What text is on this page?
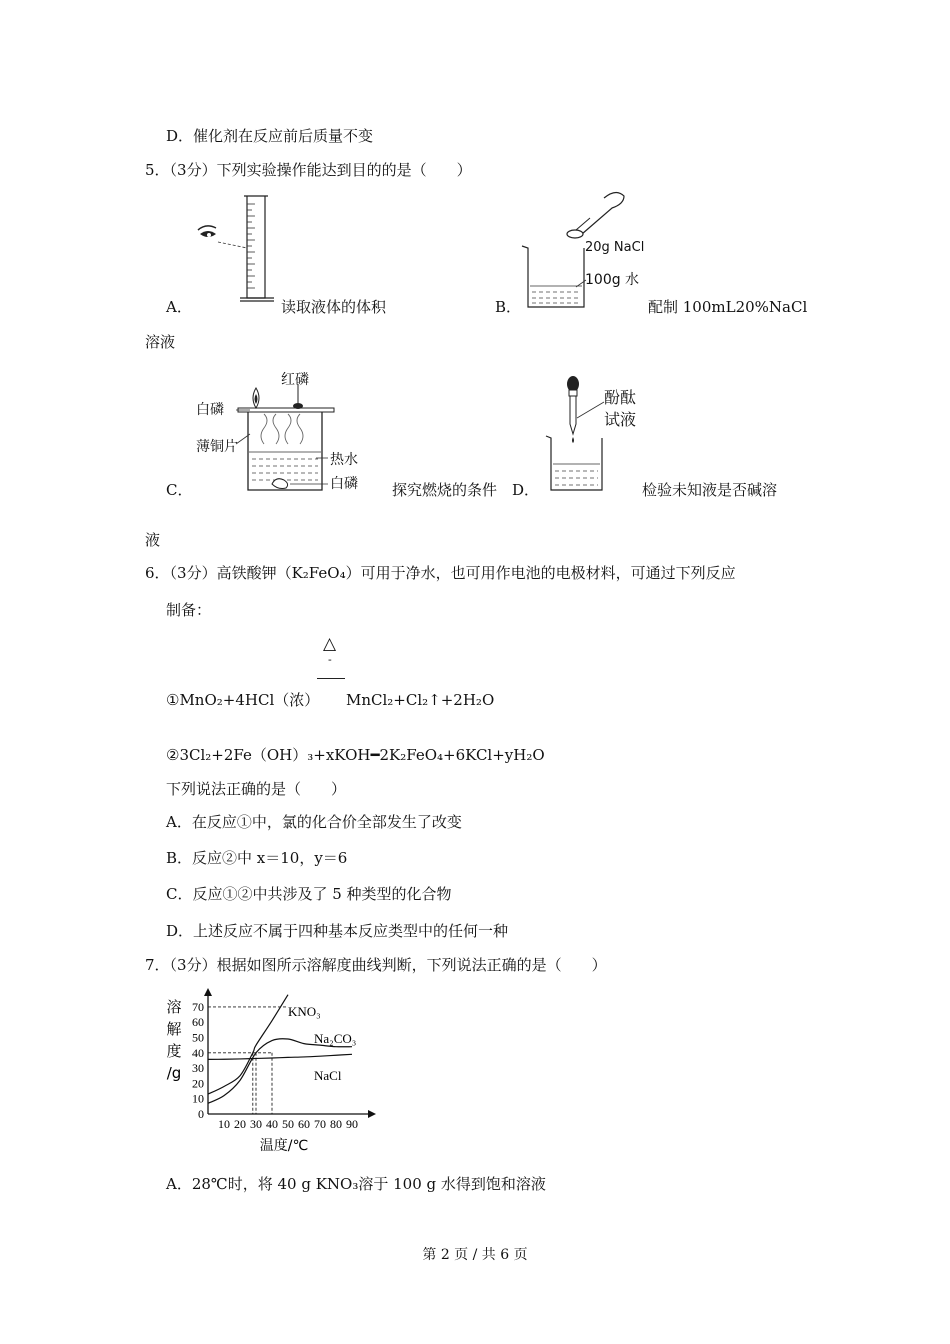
D．催化剂在反应前后质量不变
5．（3分）下列实验操作能达到目的的是（　　）
A．	读取液体的体积
20g NaCl
100g 水
B．	配制 100mL20%NaCl
溶液
红磷
白磷
薄铜片
热水
白磷
C．	探究燃烧的条件
酚酞
试液
D．	检验未知液是否碱溶
液
6．（3分）高铁酸钾（K₂FeO₄）可用于净水，也可用作电池的电极材料，可通过下列反应
制备：
△
-
①MnO₂+4HCl（浓） MnCl₂+Cl₂↑+2H₂O
②3Cl₂+2Fe（OH）₃+xKOH━2K₂FeO₄+6KCl+yH₂O
下列说法正确的是（　　）
A．在反应①中，氯的化合价全部发生了改变
B．反应②中 x＝10，y＝6
C．反应①②中共涉及了 5 种类型的化合物
D．上述反应不属于四种基本反应类型中的任何一种
7．（3分）根据如图所示溶解度曲线判断，下列说法正确的是（　　）
溶
解
度
/g
10 20 30 40 50 60 70 80 90
0
10
20
30
40
50
60
70	KNO₃
Na₂CO₃
NaCl
温度/℃
A．28℃时，将 40 g KNO₃溶于 100 g 水得到饱和溶液
第 2 页 / 共 6 页
